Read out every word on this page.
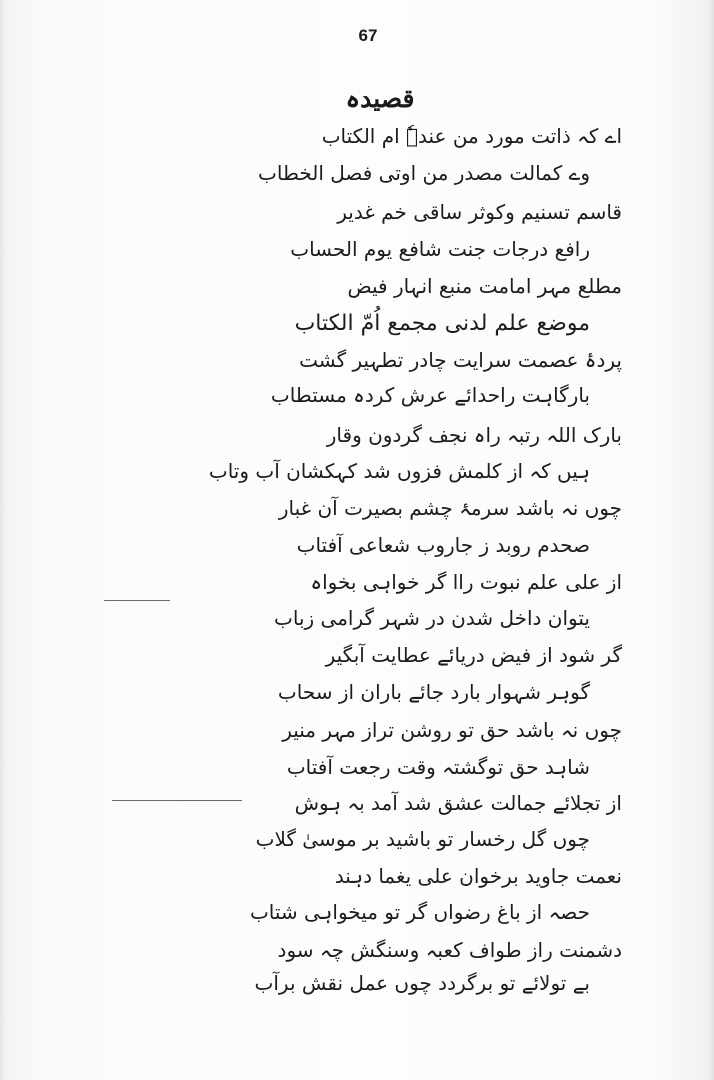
67
قصیدہ
اے کہ ذاتت مورد من عندہٗ ام الکتاب
وے کمالت مصدر من اوتی فصل الخطاب
قاسم تسنیم وکوثر ساقی خم غدیر
رافع درجات جنت شافع یوم الحساب
مطلع مہر امامت منبع انہار فیض
موضع علم لدنی مجمع اُمّ الکتاب
پردۂ عصمت سرایت چادر تطہیر گشت
بارگاہت راحدائے عرش کردہ مستطاب
بارک اللہ رتبہ راہ نجف گردون وقار
ہیں کہ از کلمش فزوں شد کہکشان آب وتاب
چوں نہ باشد سرمۂ چشم بصیرت آن غبار
صحدم روبد ز جاروب شعاعی آفتاب
از علی علم نبوت راا گر خواہی بخواہ
یتوان داخل شدن در شہر گرامی زباب
گر شود از فیض دریائے عطایت آبگیر
گوہر شہوار بارد جائے باران از سحاب
چوں نہ باشد حق تو روشن تراز مہر منیر
شاہد حق توگشتہ وقت رجعت آفتاب
از تجلائے جمالت عشق شد آمد بہ ہوش
چوں گل رخسار تو باشید بر موسیٰ گلاب
نعمت جاوید برخوان علی یغما دہند
حصہ از باغ رضواں گر تو میخواہی شتاب
دشمنت راز طواف کعبہ وسنگش چہ سود
بے تولائے تو برگردد چوں عمل نقش برآب
